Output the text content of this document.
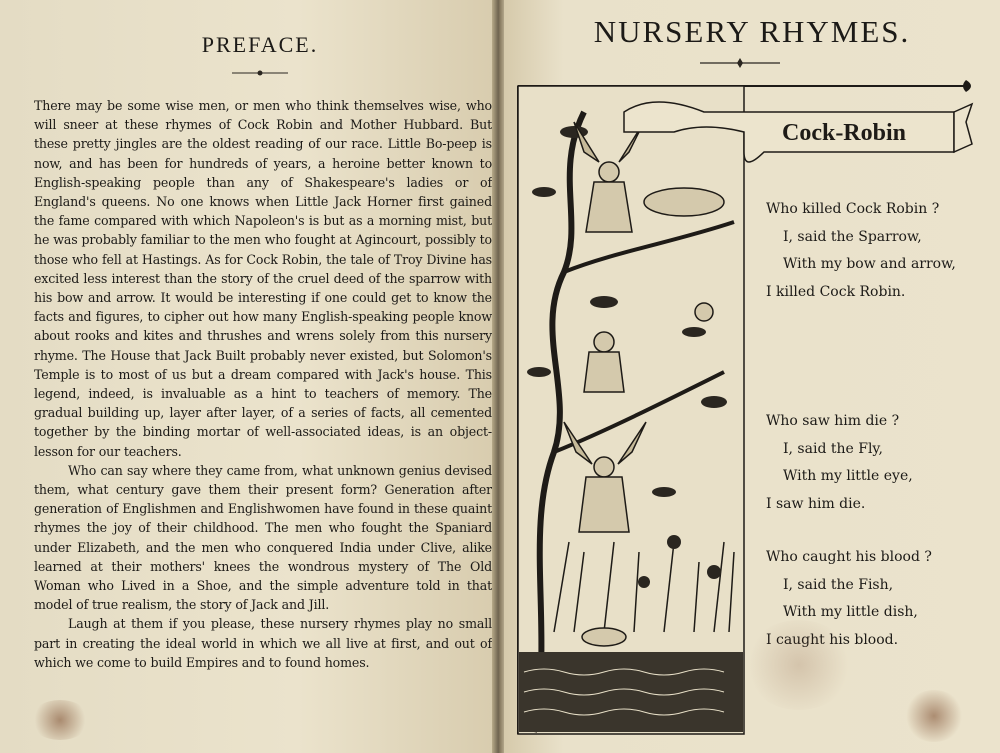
PREFACE.

There may be some wise men, or men who think themselves wise, who will sneer at these rhymes of Cock Robin and Mother Hubbard. But these pretty jingles are the oldest reading of our race. Little Bo-peep is now, and has been for hundreds of years, a heroine better known to English-speaking people than any of Shakespeare's ladies or of England's queens. No one knows when Little Jack Horner first gained the fame compared with which Napoleon's is but as a morning mist, but he was probably familiar to the men who fought at Agincourt, possibly to those who fell at Hastings. As for Cock Robin, the tale of Troy Divine has excited less interest than the story of the cruel deed of the sparrow with his bow and arrow. It would be interesting if one could get to know the facts and figures, to cipher out how many English-speaking people know about rooks and kites and thrushes and wrens solely from this nursery rhyme. The House that Jack Built probably never existed, but Solomon's Temple is to most of us but a dream compared with Jack's house. This legend, indeed, is invaluable as a hint to teachers of memory. The gradual building up, layer after layer, of a series of facts, all cemented together by the binding mortar of well-associated ideas, is an object-lesson for our teachers.

Who can say where they came from, what unknown genius devised them, what century gave them their present form? Generation after generation of Englishmen and Englishwomen have found in these quaint rhymes the joy of their childhood. The men who fought the Spaniard under Elizabeth, and the men who conquered India under Clive, alike learned at their mothers' knees the wondrous mystery of The Old Woman who Lived in a Shoe, and the simple adventure told in that model of true realism, the story of Jack and Jill.

Laugh at them if you please, these nursery rhymes play no small part in creating the ideal world in which we all live at first, and out of which we come to build Empires and to found homes.

NURSERY RHYMES.
Cock-Robin
Who killed Cock Robin ?
I, said the Sparrow,
With my bow and arrow,
I killed Cock Robin.
Who saw him die ?
I, said the Fly,
With my little eye,
I saw him die.
Who caught his blood ?
I, said the Fish,
With my little dish,
I caught his blood.
